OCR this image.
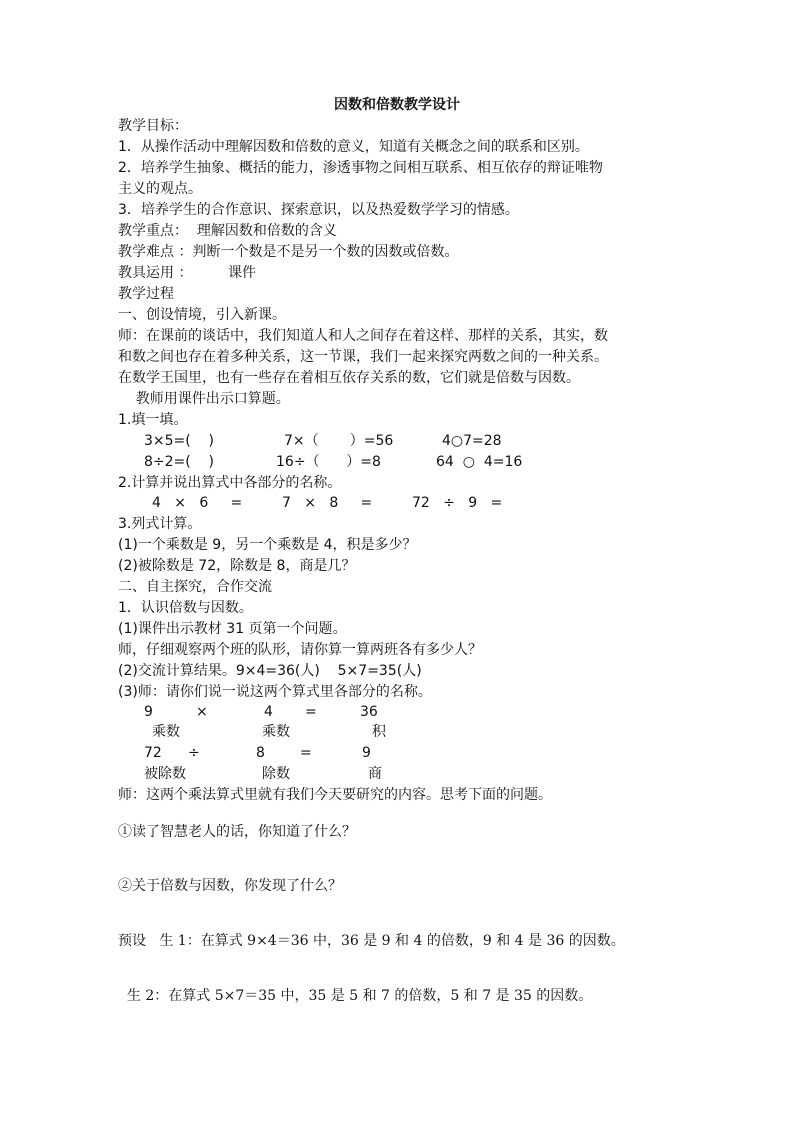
因数和倍数教学设计
教学目标：
1．从操作活动中理解因数和倍数的意义，知道有关概念之间的联系和区别。
2．培养学生抽象、概括的能力，渗透事物之间相互联系、相互依存的辩证唯物
主义的观点。
3．培养学生的合作意识、探索意识，以及热爱数学学习的情感。
教学重点：  理解因数和倍数的含义
教学难点 ：判断一个数是不是另一个数的因数或倍数。
教具运用 ：        课件
教学过程
一、创设情境，引入新课。
师：在课前的谈话中，我们知道人和人之间存在着这样、那样的关系，其实，数
和数之间也存在着多种关系，这一节课，我们一起来探究两数之间的一种关系。
在数学王国里，也有一些存在着相互依存关系的数，它们就是倍数与因数。
教师用课件出示口算题。
1.填一填。
3×5=(    )	7×（       ）=56	4○7=28
8÷2=(    )	16÷（      ）=8	64  ○  4=16
2.计算并说出算式中各部分的名称。
4   ×   6     =	7   ×   8     =	72   ÷   9   =
3.列式计算。
(1)一个乘数是 9，另一个乘数是 4，积是多少？
(2)被除数是 72，除数是 8，商是几？
二、自主探究，合作交流
1．认识倍数与因数。
(1)课件出示教材 31 页第一个问题。
师，仔细观察两个班的队形，请你算一算两班各有多少人？
(2)交流计算结果。9×4=36(人)    5×7=35(人)
(3)师：请你们说一说这两个算式里各部分的名称。
9	×	4 =	36
乘数	乘数	积
72 ÷	8	=	9
被除数	除数	商
师：这两个乘法算式里就有我们今天要研究的内容。思考下面的问题。
①读了智慧老人的话，你知道了什么？
②关于倍数与因数，你发现了什么？
预设   生 1：在算式 9×4＝36 中，36 是 9 和 4 的倍数，9 和 4 是 36 的因数。
生 2：在算式 5×7＝35 中，35 是 5 和 7 的倍数，5 和 7 是 35 的因数。
